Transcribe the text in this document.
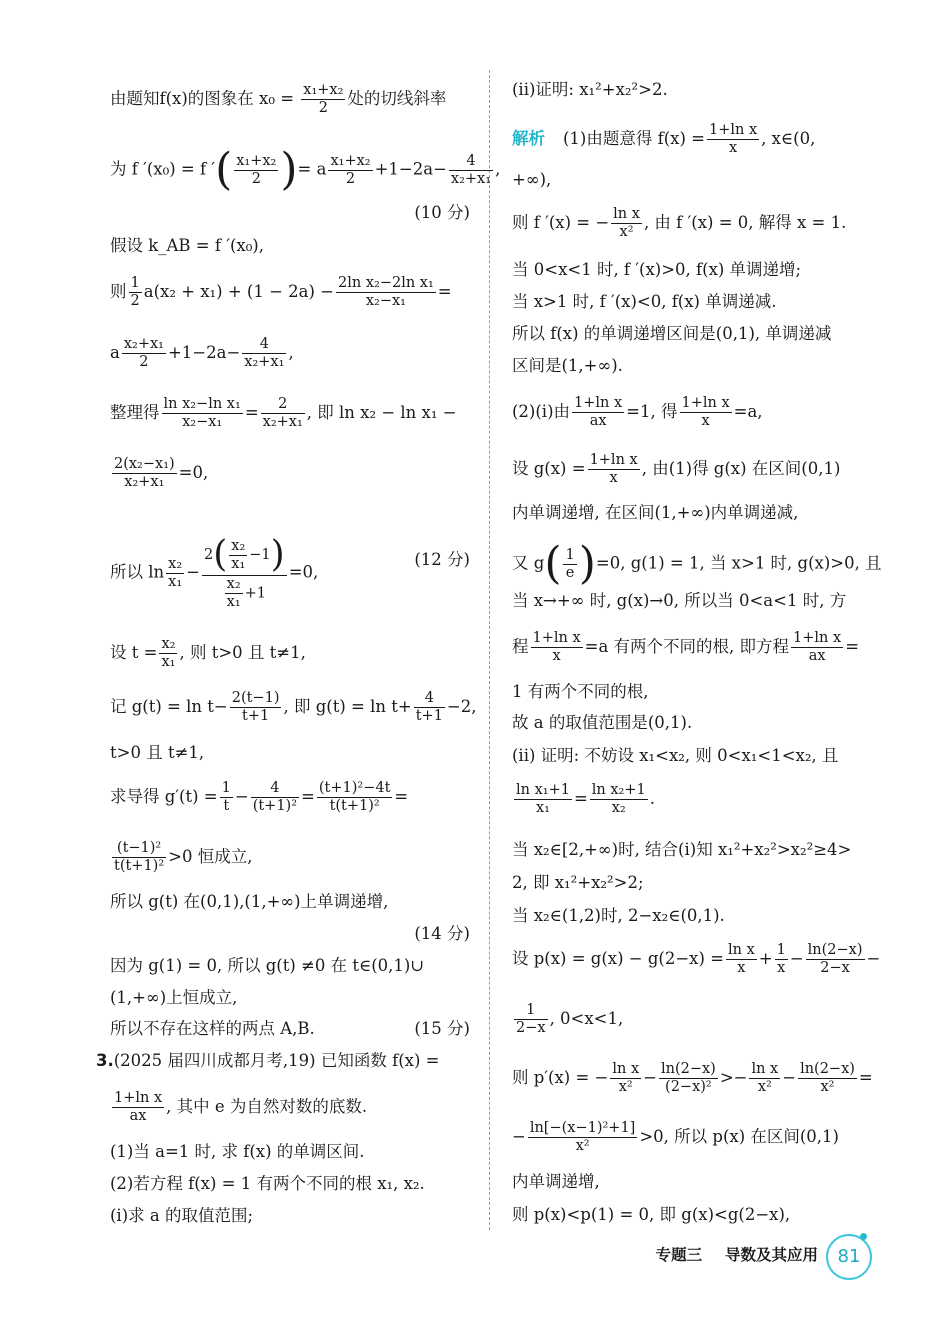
由题知f(x)的图象在 $x_0 = \frac{\text{x₁+x₂}}{2}$ 处的切线斜率
为 f ′(x₀) = f ′( $\frac{\text{x₁+x₂}}{2}$ )= a $\frac{\text{x₁+x₂}}{2} +1-2a- \frac{4}{\text{x₂+x₁}}$ ,
(10 分)
假设 k_AB = f ′(x₀),
则 $\frac{1}{2} a(x_2 + x_1) + (1 - 2a) - \frac{\text{2ln x₂−2ln x₁}}{\text{x₂−x₁}}$ =
a $\frac{\text{x₂+x₁}}{2} +1-2a- \frac{4}{\text{x₂+x₁}}$ ,
整理得 $\frac{\text{ln x₂−ln x₁}}{\text{x₂−x₁}} = \frac{2}{\text{x₂+x₁}}$ , 即 ln x₂ − ln x₁ −
$\frac{\text{2(x₂−x₁)}}{\text{x₂+x₁}} =0$,
所以 $\ln \frac{\text{x₂}}{\text{x₁}} - \frac{2( \frac{\text{x₂}}{\text{x₁}} -1)}{\frac{\text{x₂}}{\text{x₁}} +1} =0$,
(12 分)
设 $t = \frac{\text{x₂}}{\text{x₁}}$ , 则 t>0 且 t≠1,
记 $g(t) = \ln t- \frac{2(t-1)}{t+1}$ , 即 $g(t) = \ln t+ \frac{4}{t+1} -2$,
t>0 且 t≠1,
求导得 $g'(t) = \frac{1}{t} - \frac{4}{\text{(t+1)²}} = \frac{\text{(t+1)²−4t}}{\text{t(t+1)²}}$ =
$\frac{\text{(t−1)²}}{\text{t(t+1)²}} >0$ 恒成立,
所以 g(t) 在(0,1),(1,+∞)上单调递增,
(14 分)
因为 g(1) = 0, 所以 g(t) ≠0 在 t∈(0,1)∪
(1,+∞)上恒成立,
所以不存在这样的两点 A,B.	(15 分)
3.(2025 届四川成都月考,19) 已知函数 f(x) =
$\frac{\text{1+ln x}}{ax}$ , 其中 e 为自然对数的底数.
(1)当 a=1 时, 求 f(x) 的单调区间.
(2)若方程 f(x) = 1 有两个不同的根 x₁, x₂.
(i)求 a 的取值范围;
(ii)证明: x₁²+x₂²>2.
解析 (1)由题意得 $f(x) = \frac{\text{1+ln x}}{x}$ , x∈(0,
+∞),
则 f ′(x) = − $\frac{\text{ln x}}{\text{x²}}$ , 由 f ′(x) = 0, 解得 x = 1.
当 0<x<1 时, f ′(x)>0, f(x) 单调递增;
当 x>1 时, f ′(x)<0, f(x) 单调递减.
所以 f(x) 的单调递增区间是(0,1), 单调递减
区间是(1,+∞).
(2)(i)由 $\frac{\text{1+ln x}}{ax} =1$, 得 $\frac{\text{1+ln x}}{x} =a$,
设 $g(x) = \frac{\text{1+ln x}}{x}$ , 由(1)得 g(x) 在区间(0,1)
内单调递增, 在区间(1,+∞)内单调递减,
又 $g( \frac{1}{e} )=0$, g(1) = 1, 当 x>1 时, g(x)>0, 且
当 x→+∞ 时, g(x)→0, 所以当 0<a<1 时, 方
程 $\frac{\text{1+ln x}}{x} =a$ 有两个不同的根, 即方程 $\frac{\text{1+ln x}}{ax}$ =
1 有两个不同的根,
故 a 的取值范围是(0,1).
(ii) 证明: 不妨设 x₁<x₂, 则 0<x₁<1<x₂, 且
$\frac{\text{ln x₁+1}}{\text{x₁}} = \frac{\text{ln x₂+1}}{\text{x₂}}$ .
当 x₂∈[2,+∞)时, 结合(i)知 x₁²+x₂²>x₂²≥4>
2, 即 x₁²+x₂²>2;
当 x₂∈(1,2)时, 2−x₂∈(0,1).
设 $p(x) = g(x) - g(2-x) = \frac{\text{ln x}}{x} + \frac{1}{x} - \frac{\ln(2-x)}{2-x}$ −
$\frac{1}{2-x}$ , 0<x<1,
则 p′(x) = − $\frac{\text{ln x}}{\text{x²}} - \frac{\ln(2-x)}{\text{(2−x)²}} >- \frac{\text{ln x}}{\text{x²}} - \frac{\ln(2-x)}{\text{x²}}$ =
− $\frac{\text{ln[−(x−1)²+1]}}{\text{x²}} >0$, 所以 p(x) 在区间(0,1)
内单调递增,
则 p(x)<p(1) = 0, 即 g(x)<g(2−x),
专题三 导数及其应用	81
